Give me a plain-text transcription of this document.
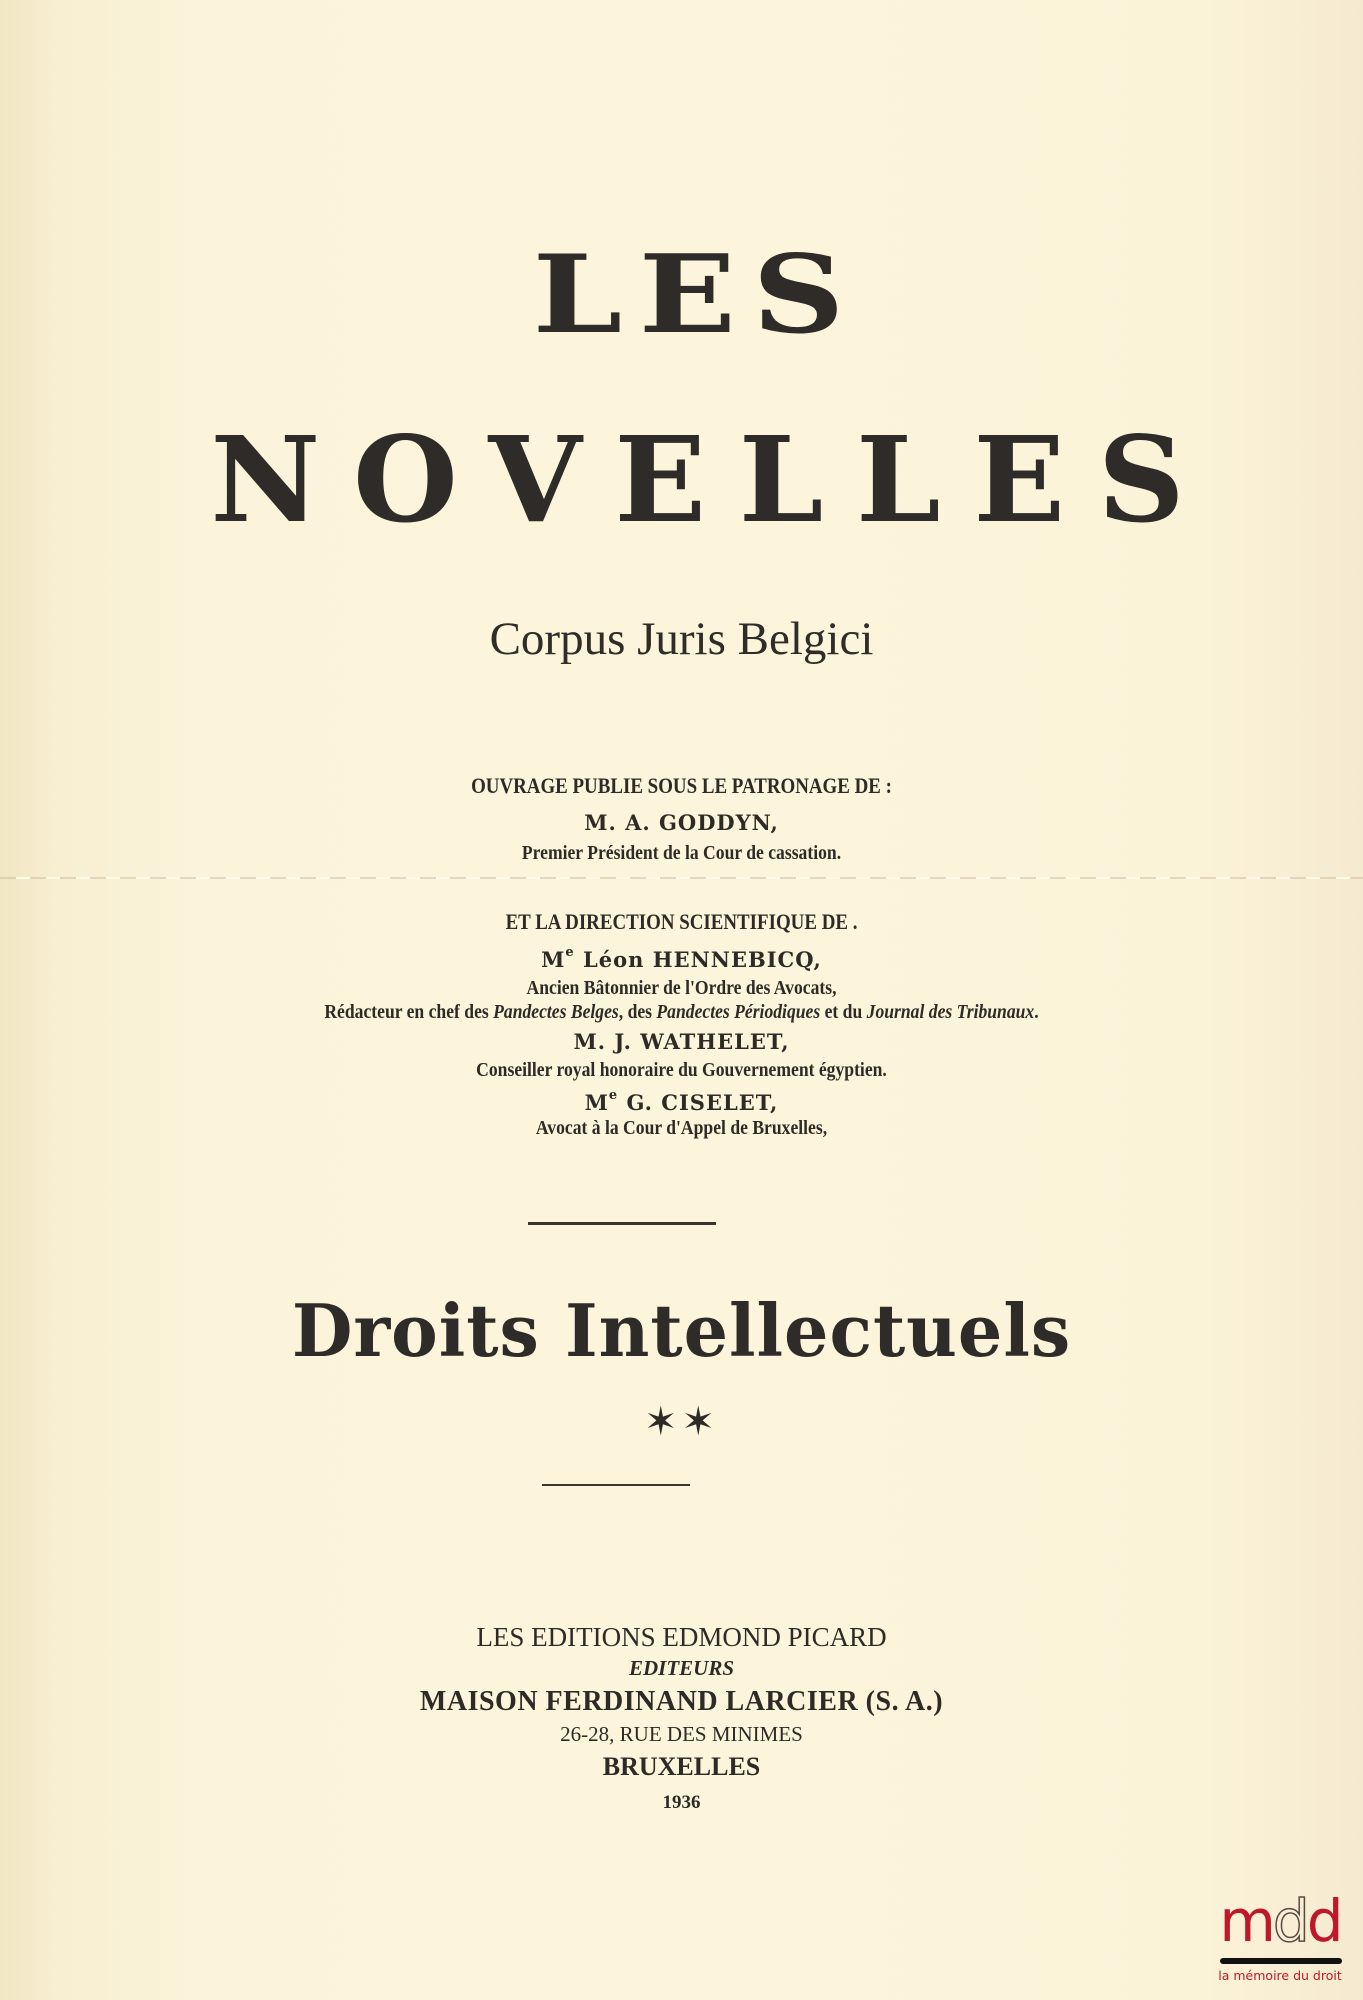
LES
NOVELLES
Corpus Juris Belgici
OUVRAGE PUBLIE SOUS LE PATRONAGE DE :
M. A. GODDYN,
Premier Président de la Cour de cassation.
ET LA DIRECTION SCIENTIFIQUE DE .
Me Léon HENNEBICQ,
Ancien Bâtonnier de l'Ordre des Avocats,
Rédacteur en chef des Pandectes Belges, des Pandectes Périodiques et du Journal des Tribunaux.
M. J. WATHELET,
Conseiller royal honoraire du Gouvernement égyptien.
Me G. CISELET,
Avocat à la Cour d'Appel de Bruxelles,
Droits Intellectuels
✶✶
LES EDITIONS EDMOND PICARD
EDITEURS
MAISON FERDINAND LARCIER (S. A.)
26-28, RUE DES MINIMES
BRUXELLES
1936
mdd
la mémoire du droit
